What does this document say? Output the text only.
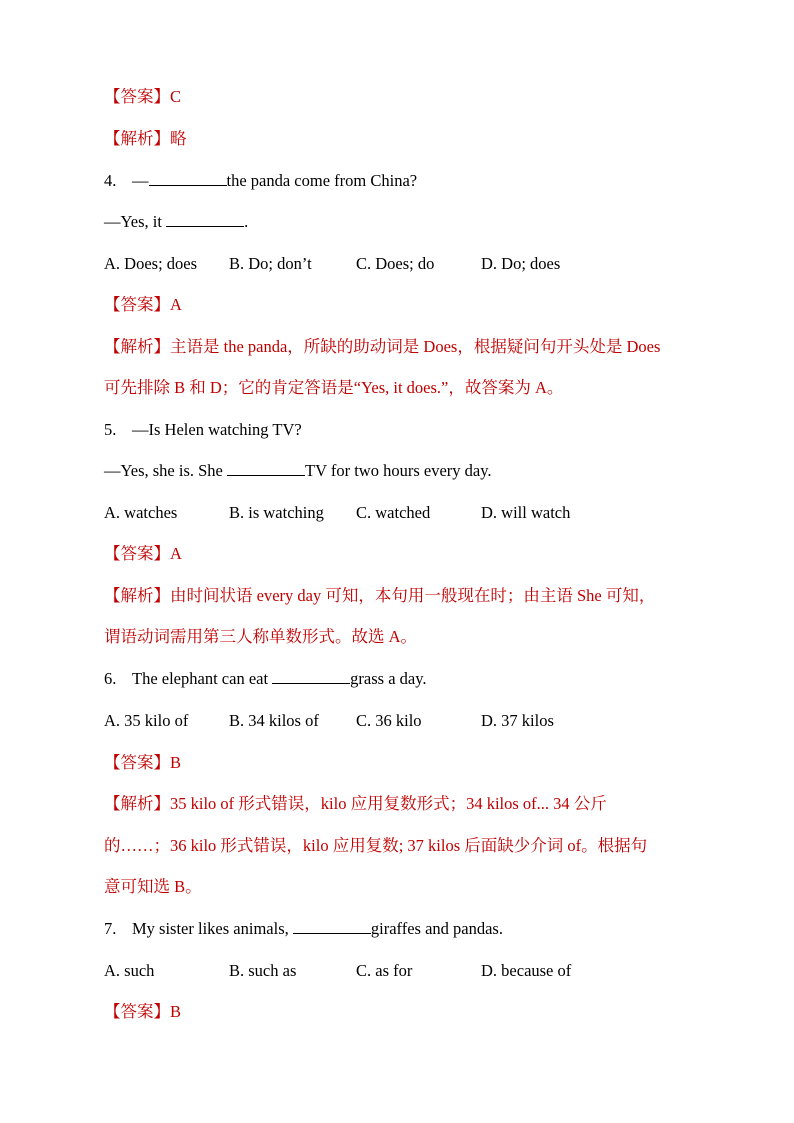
【答案】C
【解析】略
4. —	the panda come from China?
—Yes, it	.
A. Does; does B. Do; don’t	C. Does; do	D. Do; does
【答案】A
【解析】主语是 the panda，所缺的助动词是 Does，根据疑问句开头处是 Does
可先排除 B 和 D；它的肯定答语是“Yes, it does.”，故答案为 A。
5. —Is Helen watching TV?
—Yes, she is. She	TV for two hours every day.
A. watches	B. is watching C. watched	D. will watch
【答案】A
【解析】由时间状语 every day 可知，本句用一般现在时；由主语 She 可知，
谓语动词需用第三人称单数形式。故选 A。
6. The elephant can eat	grass a day.
A. 35 kilo of B. 34 kilos of C. 36 kilo	D. 37 kilos
【答案】B
【解析】35 kilo of 形式错误，kilo 应用复数形式；34 kilos of... 34 公斤
的……；36 kilo 形式错误，kilo 应用复数; 37 kilos 后面缺少介词 of。根据句
意可知选 B。
7. My sister likes animals,	giraffes and pandas.
A. such	B. such as	C. as for	D. because of
【答案】B
